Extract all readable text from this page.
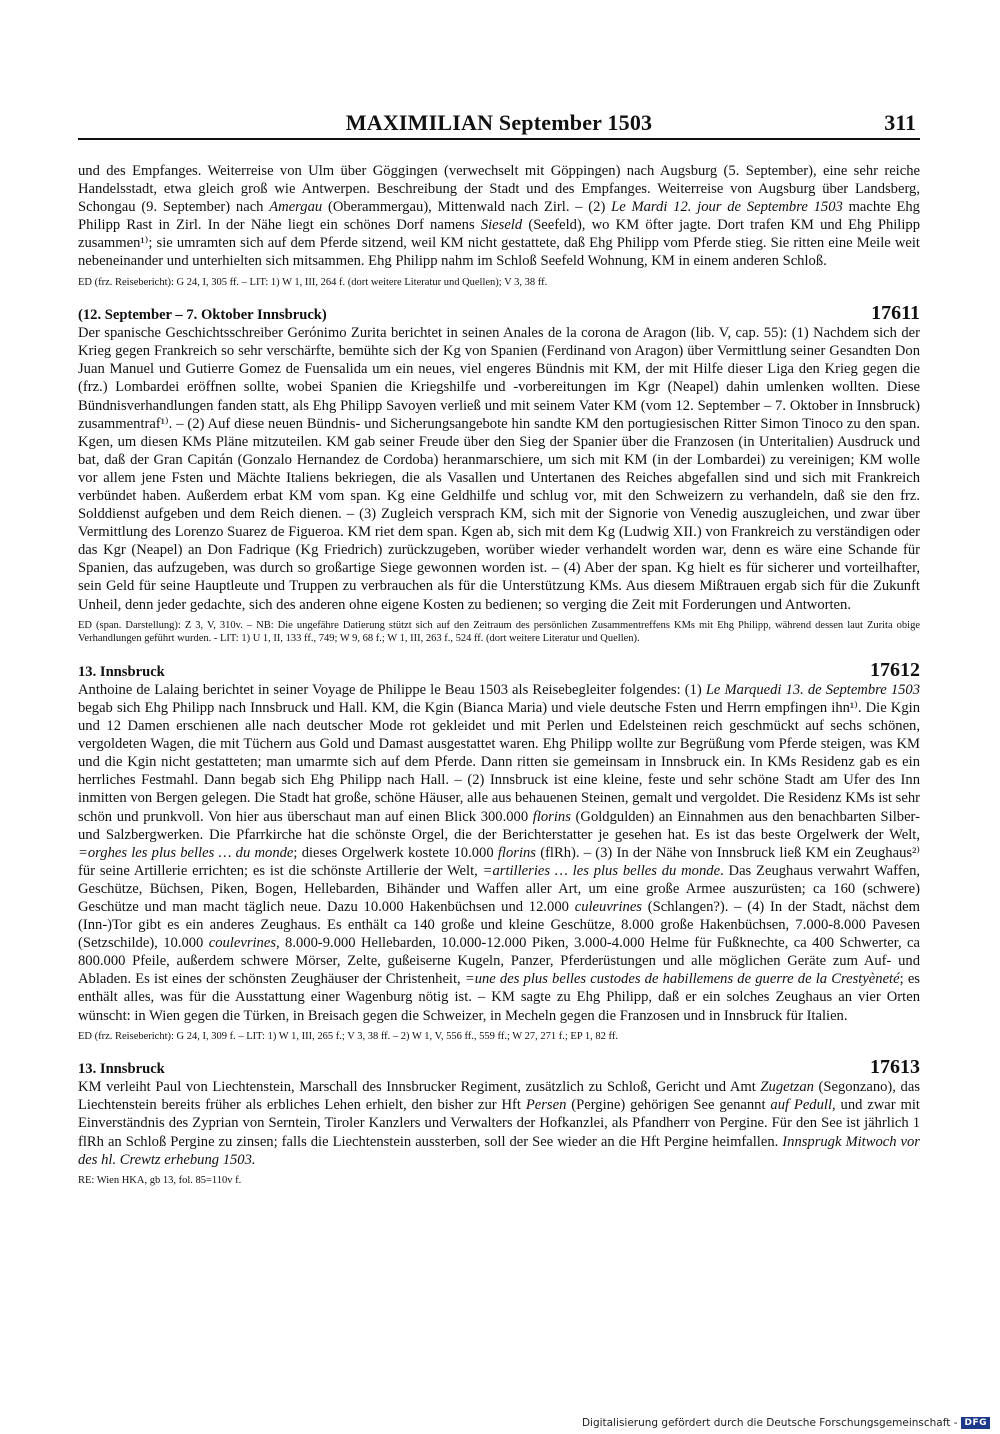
MAXIMILIAN September 1503	311

und des Empfanges. Weiterreise von Ulm über Göggingen (verwechselt mit Göppingen) nach Augsburg (5. September), eine sehr reiche Handelsstadt, etwa gleich groß wie Antwerpen. Beschreibung der Stadt und des Empfanges. Weiterreise von Augsburg über Landsberg, Schongau (9. September) nach Amergau (Oberammergau), Mittenwald nach Zirl. – (2) Le Mardi 12. jour de Septembre 1503 machte Ehg Philipp Rast in Zirl. In der Nähe liegt ein schönes Dorf namens Sieseld (Seefeld), wo KM öfter jagte. Dort trafen KM und Ehg Philipp zusammen¹⁾; sie umramten sich auf dem Pferde sitzend, weil KM nicht gestattete, daß Ehg Philipp vom Pferde stieg. Sie ritten eine Meile weit nebeneinander und unterhielten sich mitsammen. Ehg Philipp nahm im Schloß Seefeld Wohnung, KM in einem anderen Schloß.

ED (frz. Reisebericht): G 24, I, 305 ff. – LIT: 1) W 1, III, 264 f. (dort weitere Literatur und Quellen); V 3, 38 ff.

(12. September – 7. Oktober Innsbruck)	17611

Der spanische Geschichtsschreiber Gerónimo Zurita berichtet in seinen Anales de la corona de Aragon (lib. V, cap. 55): (1) Nachdem sich der Krieg gegen Frankreich so sehr verschärfte, bemühte sich der Kg von Spanien (Ferdinand von Aragon) über Vermittlung seiner Gesandten Don Juan Manuel und Gutierre Gomez de Fuensalida um ein neues, viel engeres Bündnis mit KM, der mit Hilfe dieser Liga den Krieg gegen die (frz.) Lombardei eröffnen sollte, wobei Spanien die Kriegshilfe und -vorbereitungen im Kgr (Neapel) dahin umlenken wollten. Diese Bündnisverhandlungen fanden statt, als Ehg Philipp Savoyen verließ und mit seinem Vater KM (vom 12. September – 7. Oktober in Innsbruck) zusammentraf¹⁾. – (2) Auf diese neuen Bündnis- und Sicherungsangebote hin sandte KM den portugiesischen Ritter Simon Tinoco zu den span. Kgen, um diesen KMs Pläne mitzuteilen. KM gab seiner Freude über den Sieg der Spanier über die Franzosen (in Unteritalien) Ausdruck und bat, daß der Gran Capitán (Gonzalo Hernandez de Cordoba) heranmarschiere, um sich mit KM (in der Lombardei) zu vereinigen; KM wolle vor allem jene Fsten und Mächte Italiens bekriegen, die als Vasallen und Untertanen des Reiches abgefallen sind und sich mit Frankreich verbündet haben. Außerdem erbat KM vom span. Kg eine Geldhilfe und schlug vor, mit den Schweizern zu verhandeln, daß sie den frz. Solddienst aufgeben und dem Reich dienen. – (3) Zugleich versprach KM, sich mit der Signorie von Venedig auszugleichen, und zwar über Vermittlung des Lorenzo Suarez de Figueroa. KM riet dem span. Kgen ab, sich mit dem Kg (Ludwig XII.) von Frankreich zu verständigen oder das Kgr (Neapel) an Don Fadrique (Kg Friedrich) zurückzugeben, worüber wieder verhandelt worden war, denn es wäre eine Schande für Spanien, das aufzugeben, was durch so großartige Siege gewonnen worden ist. – (4) Aber der span. Kg hielt es für sicherer und vorteilhafter, sein Geld für seine Hauptleute und Truppen zu verbrauchen als für die Unterstützung KMs. Aus diesem Mißtrauen ergab sich für die Zukunft Unheil, denn jeder gedachte, sich des anderen ohne eigene Kosten zu bedienen; so verging die Zeit mit Forderungen und Antworten.

ED (span. Darstellung): Z 3, V, 310v. – NB: Die ungefähre Datierung stützt sich auf den Zeitraum des persönlichen Zusammentreffens KMs mit Ehg Philipp, während dessen laut Zurita obige Verhandlungen geführt wurden. - LIT: 1) U 1, II, 133 ff., 749; W 9, 68 f.; W 1, III, 263 f., 524 ff. (dort weitere Literatur und Quellen).

13. Innsbruck	17612

Anthoine de Lalaing berichtet in seiner Voyage de Philippe le Beau 1503 als Reisebegleiter folgendes: (1) Le Marquedi 13. de Septembre 1503 begab sich Ehg Philipp nach Innsbruck und Hall. KM, die Kgin (Bianca Maria) und viele deutsche Fsten und Herrn empfingen ihn¹⁾. Die Kgin und 12 Damen erschienen alle nach deutscher Mode rot gekleidet und mit Perlen und Edelsteinen reich geschmückt auf sechs schönen, vergoldeten Wagen, die mit Tüchern aus Gold und Damast ausgestattet waren. Ehg Philipp wollte zur Begrüßung vom Pferde steigen, was KM und die Kgin nicht gestatteten; man umarmte sich auf dem Pferde. Dann ritten sie gemeinsam in Innsbruck ein. In KMs Residenz gab es ein herrliches Festmahl. Dann begab sich Ehg Philipp nach Hall. – (2) Innsbruck ist eine kleine, feste und sehr schöne Stadt am Ufer des Inn inmitten von Bergen gelegen. Die Stadt hat große, schöne Häuser, alle aus behauenen Steinen, gemalt und vergoldet. Die Residenz KMs ist sehr schön und prunkvoll. Von hier aus überschaut man auf einen Blick 300.000 florins (Goldgulden) an Einnahmen aus den benachbarten Silber- und Salzbergwerken. Die Pfarrkirche hat die schönste Orgel, die der Berichterstatter je gesehen hat. Es ist das beste Orgelwerk der Welt, =orghes les plus belles … du monde; dieses Orgelwerk kostete 10.000 florins (flRh). – (3) In der Nähe von Innsbruck ließ KM ein Zeughaus²⁾ für seine Artillerie errichten; es ist die schönste Artillerie der Welt, =artilleries … les plus belles du monde. Das Zeughaus verwahrt Waffen, Geschütze, Büchsen, Piken, Bogen, Hellebarden, Bihänder und Waffen aller Art, um eine große Armee auszurüsten; ca 160 (schwere) Geschütze und man macht täglich neue. Dazu 10.000 Hakenbüchsen und 12.000 culeuvrines (Schlangen?). – (4) In der Stadt, nächst dem (Inn-)Tor gibt es ein anderes Zeughaus. Es enthält ca 140 große und kleine Geschütze, 8.000 große Hakenbüchsen, 7.000-8.000 Pavesen (Setzschilde), 10.000 coulevrines, 8.000-9.000 Hellebarden, 10.000-12.000 Piken, 3.000-4.000 Helme für Fußknechte, ca 400 Schwerter, ca 800.000 Pfeile, außerdem schwere Mörser, Zelte, gußeiserne Kugeln, Panzer, Pferderüstungen und alle möglichen Geräte zum Auf- und Abladen. Es ist eines der schönsten Zeughäuser der Christenheit, =une des plus belles custodes de habillemens de guerre de la Crestyèneté; es enthält alles, was für die Ausstattung einer Wagenburg nötig ist. – KM sagte zu Ehg Philipp, daß er ein solches Zeughaus an vier Orten wünscht: in Wien gegen die Türken, in Breisach gegen die Schweizer, in Mecheln gegen die Franzosen und in Innsbruck für Italien.

ED (frz. Reisebericht): G 24, I, 309 f. – LIT: 1) W 1, III, 265 f.; V 3, 38 ff. – 2) W 1, V, 556 ff., 559 ff.; W 27, 271 f.; EP 1, 82 ff.

13. Innsbruck	17613

KM verleiht Paul von Liechtenstein, Marschall des Innsbrucker Regiment, zusätzlich zu Schloß, Gericht und Amt Zugetzan (Segonzano), das Liechtenstein bereits früher als erbliches Lehen erhielt, den bisher zur Hft Persen (Pergine) gehörigen See genannt auf Pedull, und zwar mit Einverständnis des Zyprian von Serntein, Tiroler Kanzlers und Verwalters der Hofkanzlei, als Pfandherr von Pergine. Für den See ist jährlich 1 flRh an Schloß Pergine zu zinsen; falls die Liechtenstein aussterben, soll der See wieder an die Hft Pergine heimfallen. Innsprugk Mitwoch vor des hl. Crewtz erhebung 1503.

RE: Wien HKA, gb 13, fol. 85=110v f.

Digitalisierung gefördert durch die Deutsche Forschungsgemeinschaft - DFG
